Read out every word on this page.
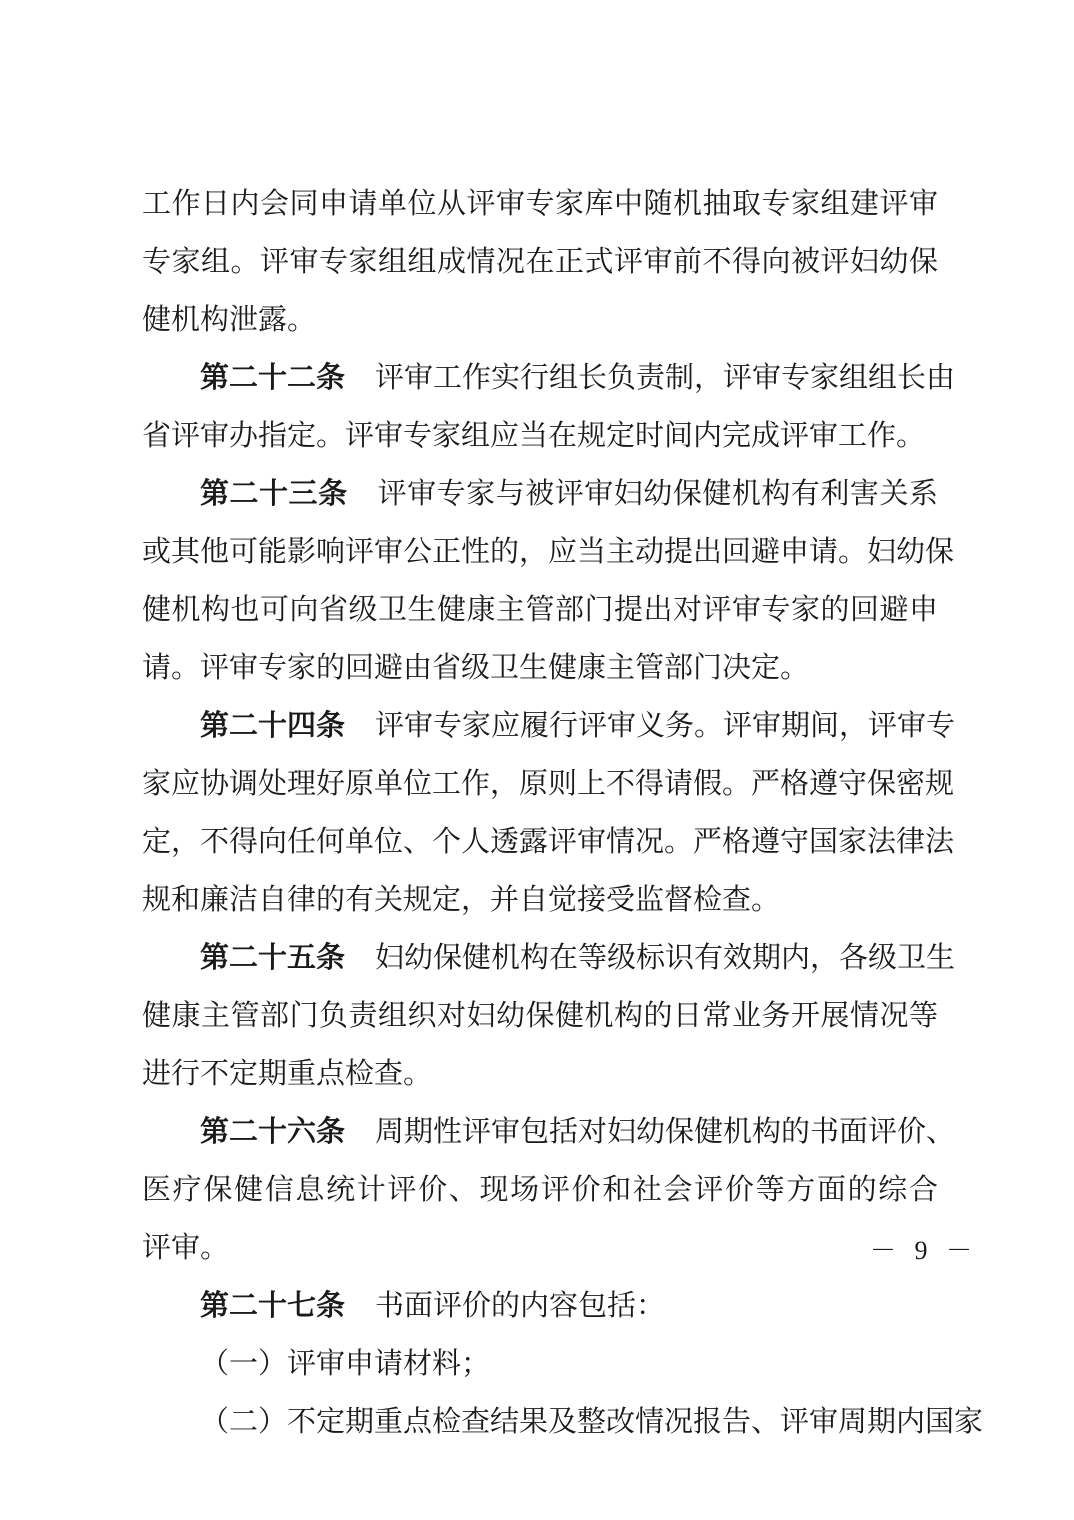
工作日内会同申请单位从评审专家库中随机抽取专家组建评审
专家组。评审专家组组成情况在正式评审前不得向被评妇幼保
健机构泄露。
第二十二条 评审工作实行组长负责制，评审专家组组长由
省评审办指定。评审专家组应当在规定时间内完成评审工作。
第二十三条 评审专家与被评审妇幼保健机构有利害关系
或其他可能影响评审公正性的，应当主动提出回避申请。妇幼保
健机构也可向省级卫生健康主管部门提出对评审专家的回避申
请。评审专家的回避由省级卫生健康主管部门决定。
第二十四条 评审专家应履行评审义务。评审期间，评审专
家应协调处理好原单位工作，原则上不得请假。严格遵守保密规
定，不得向任何单位、个人透露评审情况。严格遵守国家法律法
规和廉洁自律的有关规定，并自觉接受监督检查。
第二十五条 妇幼保健机构在等级标识有效期内，各级卫生
健康主管部门负责组织对妇幼保健机构的日常业务开展情况等
进行不定期重点检查。
第二十六条 周期性评审包括对妇幼保健机构的书面评价、
医疗保健信息统计评价、现场评价和社会评价等方面的综合
评审。
第二十七条 书面评价的内容包括：
（一）评审申请材料；
（二）不定期重点检查结果及整改情况报告、评审周期内国家
－ 9 －
